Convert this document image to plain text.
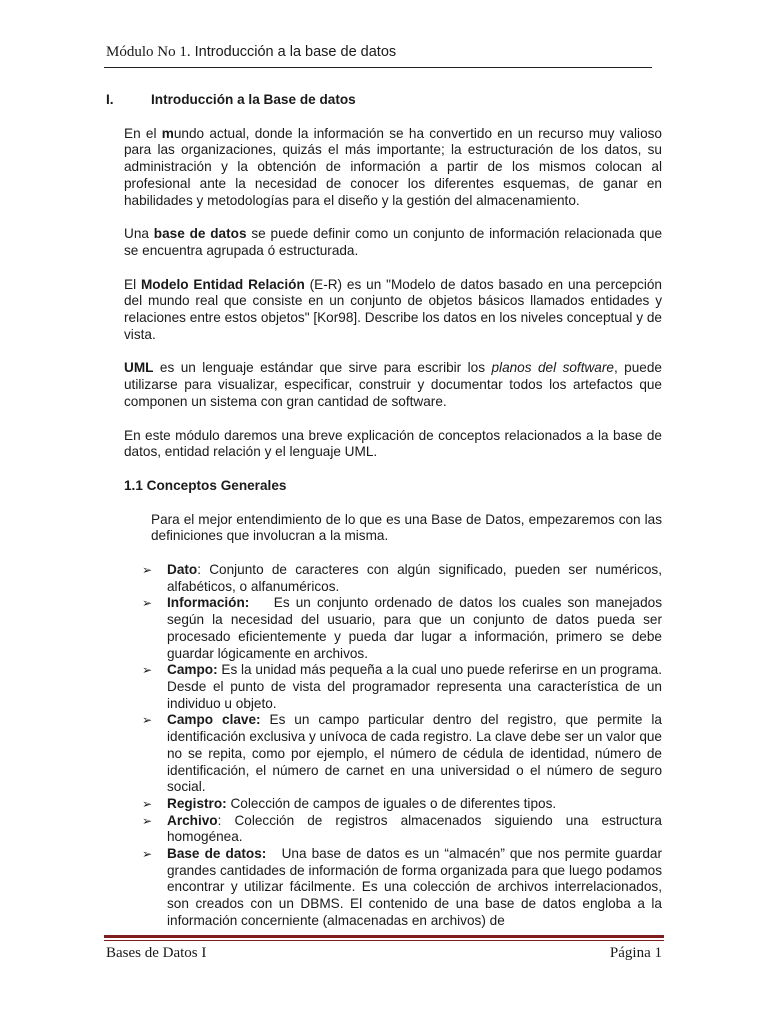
Módulo No 1. Introducción a la base de datos
I.	Introducción a la Base de datos

En el mundo actual, donde la información se ha convertido en un recurso muy valioso para las organizaciones, quizás el más importante; la estructuración de los datos, su administración y la obtención de información a partir de los mismos colocan al profesional ante la necesidad de conocer los diferentes esquemas, de ganar en habilidades y metodologías para el diseño y la gestión del almacenamiento.

Una base de datos se puede definir como un conjunto de información relacionada que se encuentra agrupada ó estructurada.

El Modelo Entidad Relación (E-R) es un "Modelo de datos basado en una percepción del mundo real que consiste en un conjunto de objetos básicos llamados entidades y relaciones entre estos objetos" [Kor98]. Describe los datos en los niveles conceptual y de vista.

UML es un lenguaje estándar que sirve para escribir los planos del software, puede utilizarse para visualizar, especificar, construir y documentar todos los artefactos que componen un sistema con gran cantidad de software.

En este módulo daremos una breve explicación de conceptos relacionados a la base de datos, entidad relación y el lenguaje UML.

1.1 Conceptos Generales

Para el mejor entendimiento de lo que es una Base de Datos, empezaremos con las definiciones que involucran a la misma.

➢ Dato: Conjunto de caracteres con algún significado, pueden ser numéricos, alfabéticos, o alfanuméricos.
➢ Información:    Es un conjunto ordenado de datos los cuales son manejados según la necesidad del usuario, para que un conjunto de datos pueda ser procesado eficientemente y pueda dar lugar a información, primero se debe guardar lógicamente en archivos.
➢ Campo: Es la unidad más pequeña a la cual uno puede referirse en un programa. Desde el punto de vista del programador representa una característica de un individuo u objeto.
➢ Campo clave: Es un campo particular dentro del registro, que permite la identificación exclusiva y unívoca de cada registro. La clave debe ser un valor que no se repita, como por ejemplo, el número de cédula de identidad, número de identificación, el número de carnet en una universidad o el número de seguro social.
➢ Registro: Colección de campos de iguales o de diferentes tipos.
➢ Archivo: Colección de registros almacenados siguiendo una estructura homogénea.
➢ Base de datos:   Una base de datos es un “almacén” que nos permite guardar grandes cantidades de información de forma organizada para que luego podamos encontrar y utilizar fácilmente. Es una colección de archivos interrelacionados, son creados con un DBMS. El contenido de una base de datos engloba a la información concerniente (almacenadas en archivos) de
Bases de Datos I	Página 1
